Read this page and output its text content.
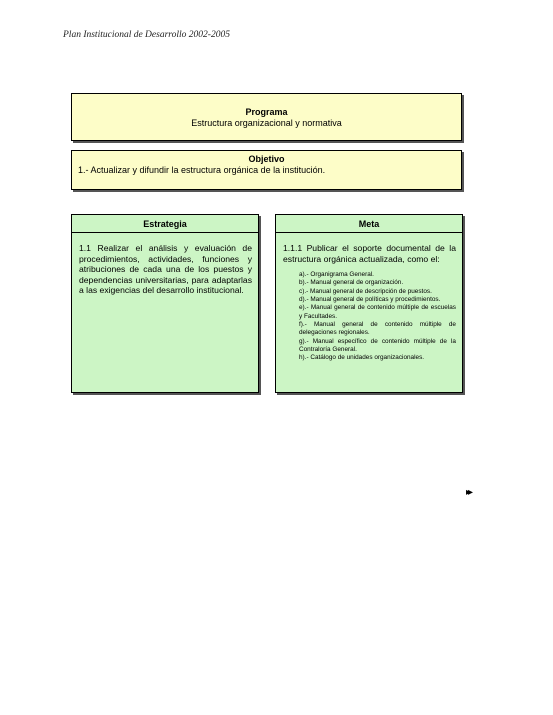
Plan Institucional de Desarrollo 2002-2005
Programa
Estructura organizacional y normativa
Objetivo
1.- Actualizar y difundir la estructura orgánica de la institución.
Estrategia
1.1 Realizar el análisis y evaluación de procedimientos, actividades, funciones y atribuciones de cada una de los puestos y dependencias universitarias, para adaptarlas a las exigencias del desarrollo institucional.
Meta
1.1.1 Publicar el soporte documental de la estructura orgánica actualizada, como el:
a).- Organigrama General.
b).- Manual general de organización.
c).- Manual general de descripción de puestos.
d).- Manual general de políticas y procedimientos.
e).- Manual general de contenido múltiple de escuelas y Facultades.
f).- Manual general de contenido múltiple de delegaciones regionales.
g).- Manual específico de contenido múltiple de la Contraloría General.
h).- Catálogo de unidades organizacionales.
▸▸
